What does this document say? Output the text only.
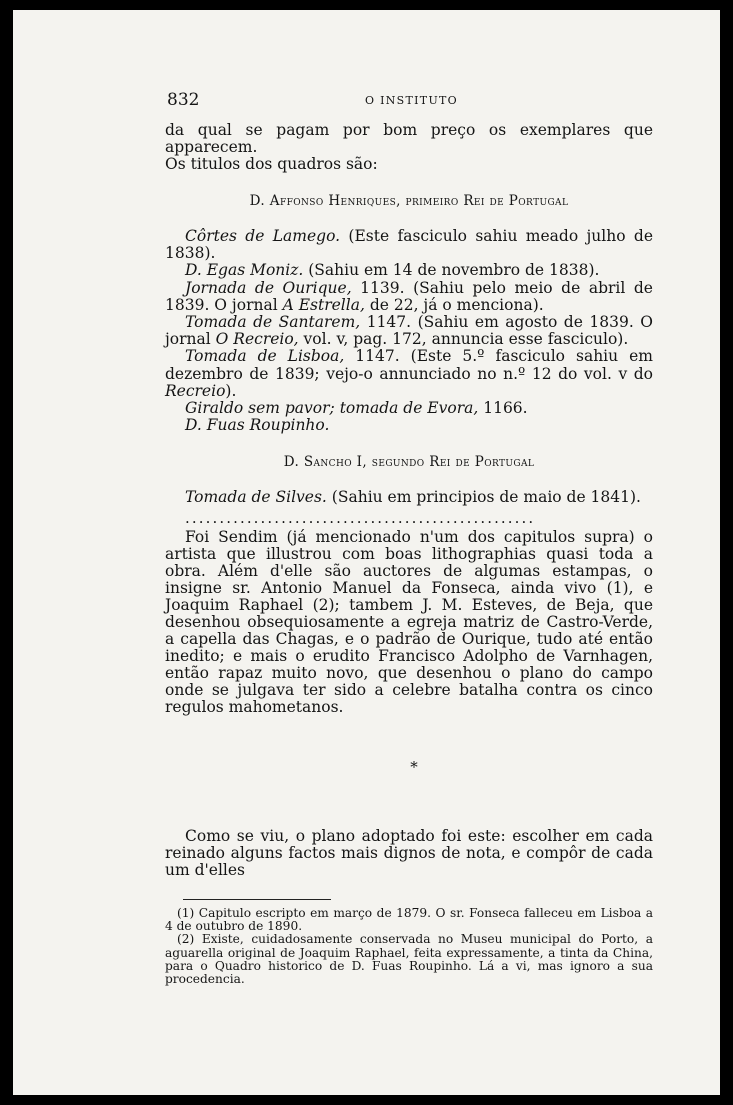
832	O INSTITUTO

da qual se pagam por bom preço os exemplares que apparecem.

Os titulos dos quadros são:

D. Affonso Henriques, primeiro Rei de Portugal

Côrtes de Lamego. (Este fasciculo sahiu meado julho de 1838).

D. Egas Moniz. (Sahiu em 14 de novembro de 1838).

Jornada de Ourique, 1139. (Sahiu pelo meio de abril de 1839. O jornal A Estrella, de 22, já o menciona).

Tomada de Santarem, 1147. (Sahiu em agosto de 1839. O jornal O Recreio, vol. v, pag. 172, annuncia esse fasciculo).

Tomada de Lisboa, 1147. (Este 5.º fasciculo sahiu em dezembro de 1839; vejo-o annunciado no n.º 12 do vol. v do Recreio).

Giraldo sem pavor; tomada de Evora, 1166.

D. Fuas Roupinho.

D. Sancho I, segundo Rei de Portugal

Tomada de Silves. (Sahiu em principios de maio de 1841).

...................................................

Foi Sendim (já mencionado n'um dos capitulos supra) o artista que illustrou com boas lithographias quasi toda a obra. Além d'elle são auctores de algumas estampas, o insigne sr. Antonio Manuel da Fonseca, ainda vivo (1), e Joaquim Raphael (2); tambem J. M. Esteves, de Beja, que desenhou obsequiosamente a egreja matriz de Castro-Verde, a capella das Chagas, e o padrão de Ourique, tudo até então inedito; e mais o erudito Francisco Adolpho de Varnhagen, então rapaz muito novo, que desenhou o plano do campo onde se julgava ter sido a celebre batalha contra os cinco regulos mahometanos.

*

Como se viu, o plano adoptado foi este: escolher em cada reinado alguns factos mais dignos de nota, e compôr de cada um d'elles

(1) Capitulo escripto em março de 1879. O sr. Fonseca falleceu em Lisboa a 4 de outubro de 1890.

(2) Existe, cuidadosamente conservada no Museu municipal do Porto, a aguarella original de Joaquim Raphael, feita expressamente, a tinta da China, para o Quadro historico de D. Fuas Roupinho. Lá a vi, mas ignoro a sua procedencia.
